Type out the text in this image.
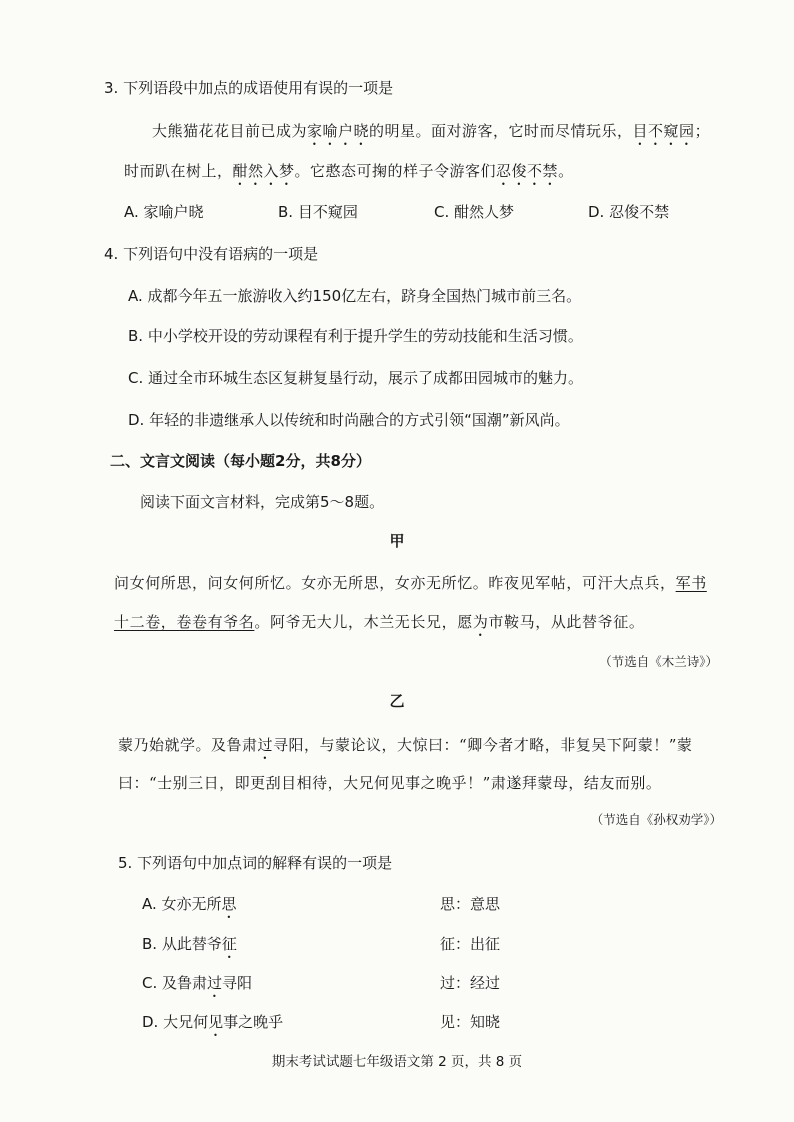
3. 下列语段中加点的成语使用有误的一项是
大熊猫花花目前已成为家喻户晓的明星。面对游客，它时而尽情玩乐，目不窥园；
时而趴在树上，酣然入梦。它憨态可掬的样子令游客们忍俊不禁。
A. 家喻户晓	B. 目不窥园	C. 酣然人梦	D. 忍俊不禁
4. 下列语句中没有语病的一项是
A. 成都今年五一旅游收入约150亿左右，跻身全国热门城市前三名。
B. 中小学校开设的劳动课程有利于提升学生的劳动技能和生活习惯。
C. 通过全市环城生态区复耕复垦行动，展示了成都田园城市的魅力。
D. 年轻的非遗继承人以传统和时尚融合的方式引领“国潮”新风尚。
二、文言文阅读（每小题2分，共8分）
阅读下面文言材料，完成第5～8题。
甲
问女何所思，问女何所忆。女亦无所思，女亦无所忆。昨夜见军帖，可汗大点兵，军书
十二卷，卷卷有爷名。阿爷无大儿，木兰无长兄，愿为市鞍马，从此替爷征。
（节选自《木兰诗》）
乙
蒙乃始就学。及鲁肃过寻阳，与蒙论议，大惊曰：“卿今者才略，非复吴下阿蒙！”蒙
曰：“士别三日，即更刮目相待，大兄何见事之晚乎！”肃遂拜蒙母，结友而别。
（节选自《孙权劝学》）
5. 下列语句中加点词的解释有误的一项是
A. 女亦无所思	思：意思
B. 从此替爷征	征：出征
C. 及鲁肃过寻阳	过：经过
D. 大兄何见事之晚乎	见：知晓
期末考试试题七年级语文第 2 页，共 8 页
